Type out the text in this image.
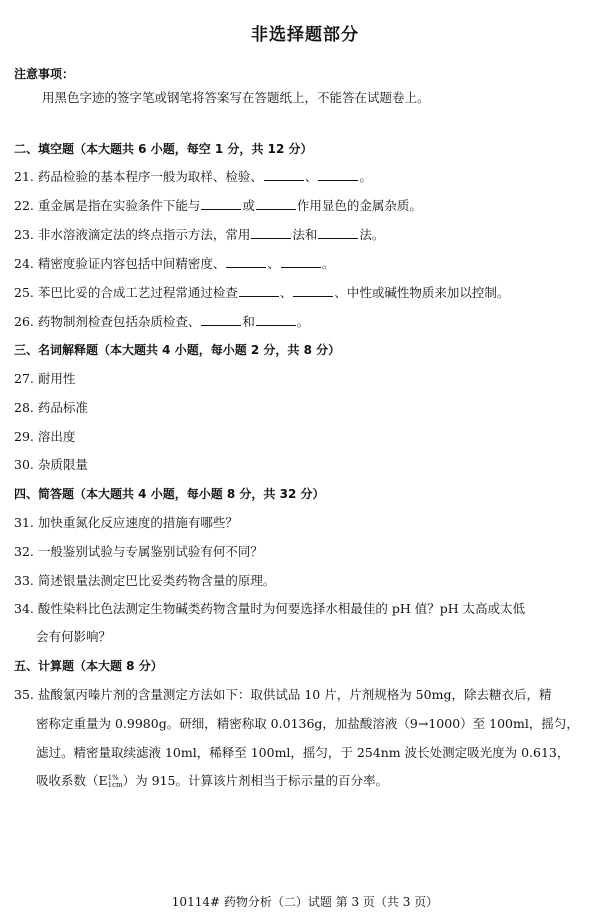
非选择题部分
注意事项：
用黑色字迹的签字笔或钢笔将答案写在答题纸上，不能答在试题卷上。
二、填空题（本大题共 6 小题，每空 1 分，共 12 分）
21. 药品检验的基本程序一般为取样、检验、	、	。
22. 重金属是指在实验条件下能与	或	作用显色的金属杂质。
23. 非水溶液滴定法的终点指示方法，常用	法和	法。
24. 精密度验证内容包括中间精密度、	、	。
25. 苯巴比妥的合成工艺过程常通过检查	、	、中性或碱性物质来加以控制。
26. 药物制剂检查包括杂质检查、	和	。
三、名词解释题（本大题共 4 小题，每小题 2 分，共 8 分）
27. 耐用性
28. 药品标准
29. 溶出度
30. 杂质限量
四、简答题（本大题共 4 小题，每小题 8 分，共 32 分）
31. 加快重氮化反应速度的措施有哪些？
32. 一般鉴别试验与专属鉴别试验有何不同？
33. 简述银量法测定巴比妥类药物含量的原理。
34. 酸性染料比色法测定生物碱类药物含量时为何要选择水相最佳的 pH 值？pH 太高或太低
会有何影响？
五、计算题（本大题 8 分）
35. 盐酸氯丙嗪片剂的含量测定方法如下：取供试品 10 片，片剂规格为 50mg，除去糖衣后，精
密称定重量为 0.9980g。研细，精密称取 0.0136g，加盐酸溶液（9→1000）至 100ml，摇匀，
滤过。精密量取续滤液 10ml，稀释至 100ml，摇匀，于 254nm 波长处测定吸光度为 0.613，
吸收系数（E1%
1cm）为 915。计算该片剂相当于标示量的百分率。
10114# 药物分析（二）试题 第 3 页（共 3 页）
